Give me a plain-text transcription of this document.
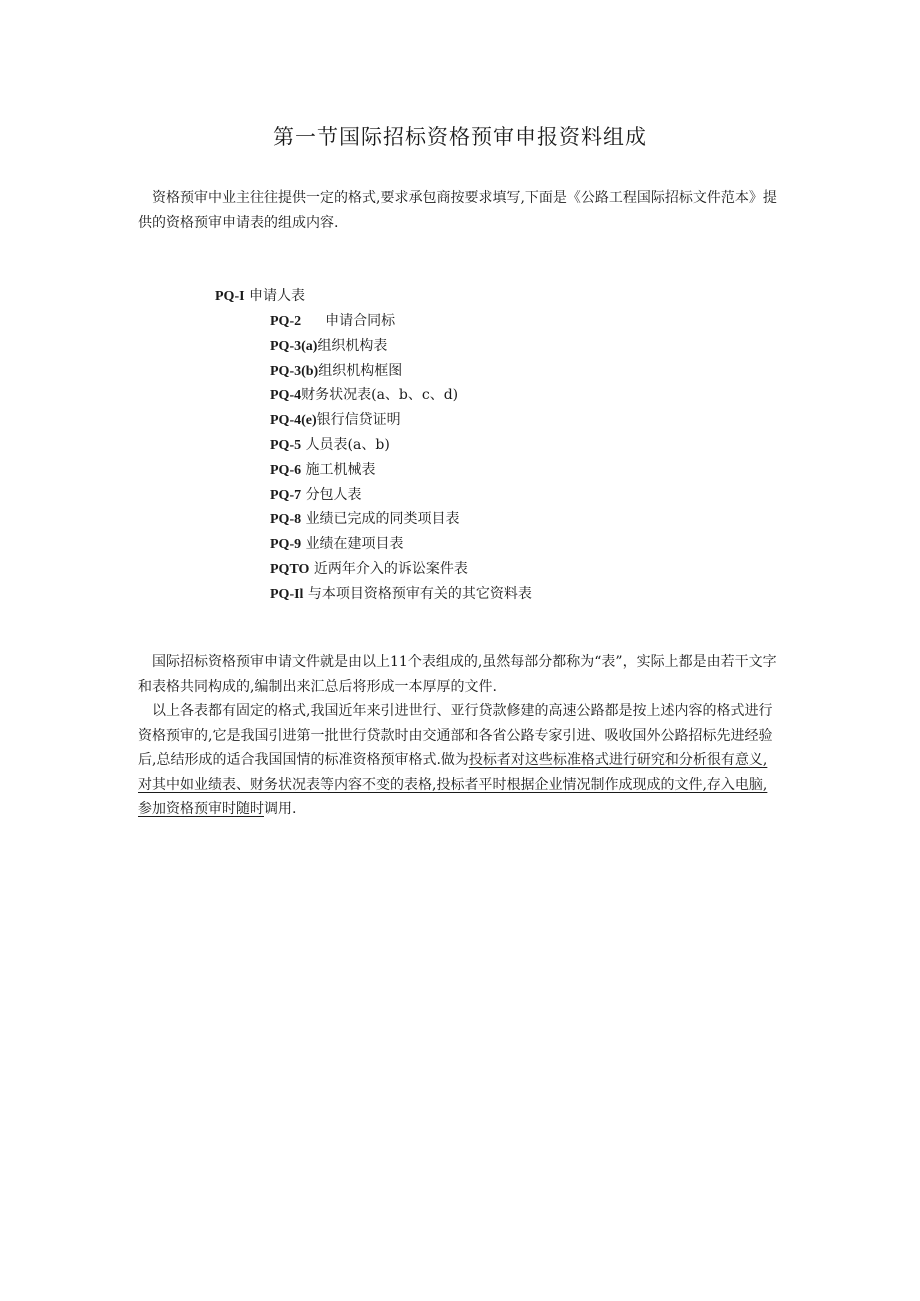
第一节国际招标资格预审申报资料组成

资格预审中业主往往提供一定的格式,要求承包商按要求填写,下面是《公路工程国际招标文件范本》提供的资格预审申请表的组成内容.

PQ-I 申请人表
PQ-2 申请合同标
PQ-3(a)组织机构表
PQ-3(b)组织机构框图
PQ-4财务状况表(a、b、c、d)
PQ-4(e)银行信贷证明
PQ-5 人员表(a、b)
PQ-6 施工机械表
PQ-7 分包人表
PQ-8 业绩已完成的同类项目表
PQ-9 业绩在建项目表
PQTO 近两年介入的诉讼案件表
PQ-Il 与本项目资格预审有关的其它资料表

国际招标资格预审申请文件就是由以上11个表组成的,虽然每部分都称为“表”，实际上都是由若干文字和表格共同构成的,编制出来汇总后将形成一本厚厚的文件.

以上各表都有固定的格式,我国近年来引进世行、亚行贷款修建的高速公路都是按上述内容的格式进行资格预审的,它是我国引进第一批世行贷款时由交通部和各省公路专家引进、吸收国外公路招标先进经验后,总结形成的适合我国国情的标准资格预审格式.做为投标者对这些标准格式进行研究和分析很有意义,对其中如业绩表、财务状况表等内容不变的表格,投标者平时根据企业情况制作成现成的文件,存入电脑,参加资格预审时随时调用.
